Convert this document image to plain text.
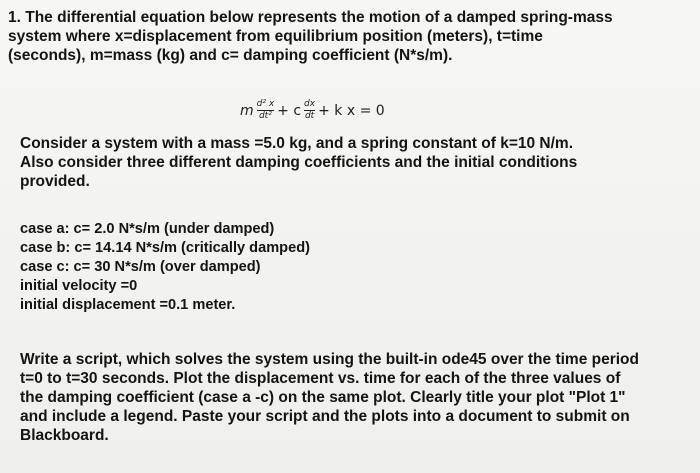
1. The differential equation below represents the motion of a damped spring-mass
system where x=displacement from equilibrium position (meters), t=time
(seconds), m=mass (kg) and c= damping coefficient (N*s/m).
m $\frac{\text{d² x}}{\text{dt²}} + c \frac{dx}{dt} + k$ x = 0
Consider a system with a mass =5.0 kg, and a spring constant of k=10 N/m.
Also consider three different damping coefficients and the initial conditions
provided.
case a: c= 2.0 N*s/m (under damped)
case b: c= 14.14 N*s/m (critically damped)
case c: c= 30 N*s/m (over damped)
initial velocity =0
initial displacement =0.1 meter.
Write a script, which solves the system using the built-in ode45 over the time period
t=0 to t=30 seconds. Plot the displacement vs. time for each of the three values of
the damping coefficient (case a -c) on the same plot. Clearly title your plot "Plot 1"
and include a legend. Paste your script and the plots into a document to submit on
Blackboard.
